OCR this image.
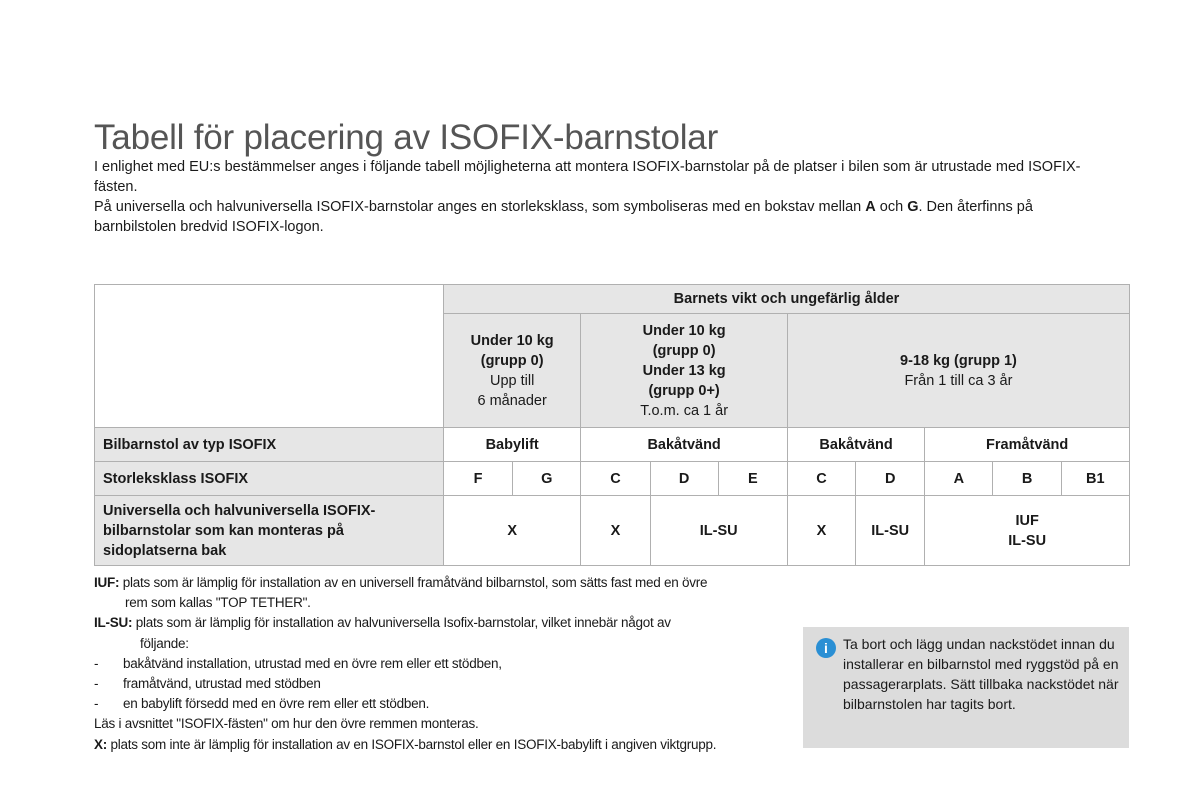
Tabell för placering av ISOFIX-barnstolar

I enlighet med EU:s bestämmelser anges i följande tabell möjligheterna att montera ISOFIX-barnstolar på de platser i bilen som är utrustade med ISOFIX-fästen.

På universella och halvuniversella ISOFIX-barnstolar anges en storleksklass, som symboliseras med en bokstav mellan A och G. Den återfinns på barnbilstolen bredvid ISOFIX-logon.

	Barnets vikt och ungefärlig ålder									

	Under 10 kg
(grupp 0)
Upp till
6 månader		Under 10 kg
(grupp 0)
Under 13 kg
(grupp 0+)
T.o.m. ca 1 år			9-18 kg (grupp 1)
Från 1 till ca 3 år				

Bilbarnstol av typ ISOFIX	Babylift		Bakåtvänd			Bakåtvänd		Framåtvänd		
Storleksklass ISOFIX	F	G	C	D	E	C	D	A	B	B1
Universella och halvuniversella ISOFIX-bilbarnstolar som kan monteras på sidoplatserna bak	X		X	IL-SU		X	IL-SU	IUF
IL-SU		

IUF: plats som är lämplig för installation av en universell framåtvänd bilbarnstol, som sätts fast med en övre

rem som kallas "TOP TETHER".

IL-SU: plats som är lämplig för installation av halvuniversella Isofix-barnstolar, vilket innebär något av

följande:

- bakåtvänd installation, utrustad med en övre rem eller ett stödben,

- framåtvänd, utrustad med stödben

- en babylift försedd med en övre rem eller ett stödben.

Läs i avsnittet "ISOFIX-fästen" om hur den övre remmen monteras.

X: plats som inte är lämplig för installation av en ISOFIX-barnstol eller en ISOFIX-babylift i angiven viktgrupp.

i Ta bort och lägg undan nackstödet innan du installerar en bilbarnstol med ryggstöd på en passagerarplats. Sätt tillbaka nackstödet när bilbarnstolen har tagits bort.
